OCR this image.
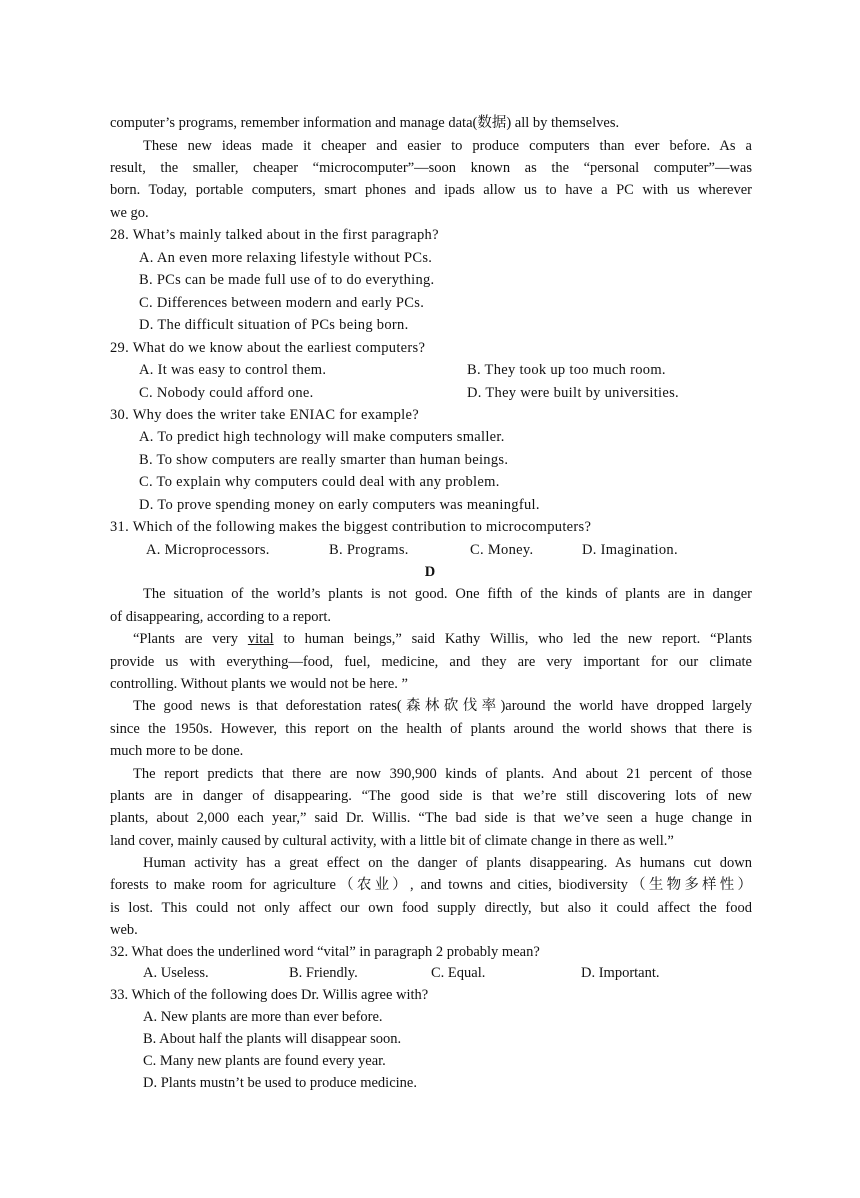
computer’s programs, remember information and manage data(数据) all by themselves.
These new ideas made it cheaper and easier to produce computers than ever before. As a
result, the smaller, cheaper “microcomputer”—soon known as the “personal computer”—was
born. Today, portable computers, smart phones and ipads allow us to have a PC with us wherever
we go.
28. What’s mainly talked about in the first paragraph?
A. An even more relaxing lifestyle without PCs.
B. PCs can be made full use of to do everything.
C. Differences between modern and early PCs.
D. The difficult situation of PCs being born.
29. What do we know about the earliest computers?
A. It was easy to control them.	B. They took up too much room.
C. Nobody could afford one.	D. They were built by universities.
30. Why does the writer take ENIAC for example?
A. To predict high technology will make computers smaller.
B. To show computers are really smarter than human beings.
C. To explain why computers could deal with any problem.
D. To prove spending money on early computers was meaningful.
31. Which of the following makes the biggest contribution to microcomputers?
A. Microprocessors.	B. Programs.	C. Money.	D. Imagination.
D
The situation of the world’s plants is not good. One fifth of the kinds of plants are in danger
of disappearing, according to a report.
“Plants are very vital to human beings,” said Kathy Willis, who led the new report. “Plants
provide us with everything—food, fuel, medicine, and they are very important for our climate
controlling. Without plants we would not be here. ”
The good news is that deforestation rates(森林砍伐率)around the world have dropped largely
since the 1950s. However, this report on the health of plants around the world shows that there is
much more to be done.
The report predicts that there are now 390,900 kinds of plants. And about 21 percent of those
plants are in danger of disappearing. “The good side is that we’re still discovering lots of new
plants, about 2,000 each year,” said Dr. Willis. “The bad side is that we’ve seen a huge change in
land cover, mainly caused by cultural activity, with a little bit of climate change in there as well.”
Human activity has a great effect on the danger of plants disappearing. As humans cut down
forests to make room for agriculture（农业）, and towns and cities, biodiversity（生物多样性）
is lost. This could not only affect our own food supply directly, but also it could affect the food
web.
32. What does the underlined word “vital” in paragraph 2 probably mean?
A. Useless.	B. Friendly.	C. Equal.	D. Important.
33. Which of the following does Dr. Willis agree with?
A. New plants are more than ever before.
B. About half the plants will disappear soon.
C. Many new plants are found every year.
D. Plants mustn’t be used to produce medicine.
